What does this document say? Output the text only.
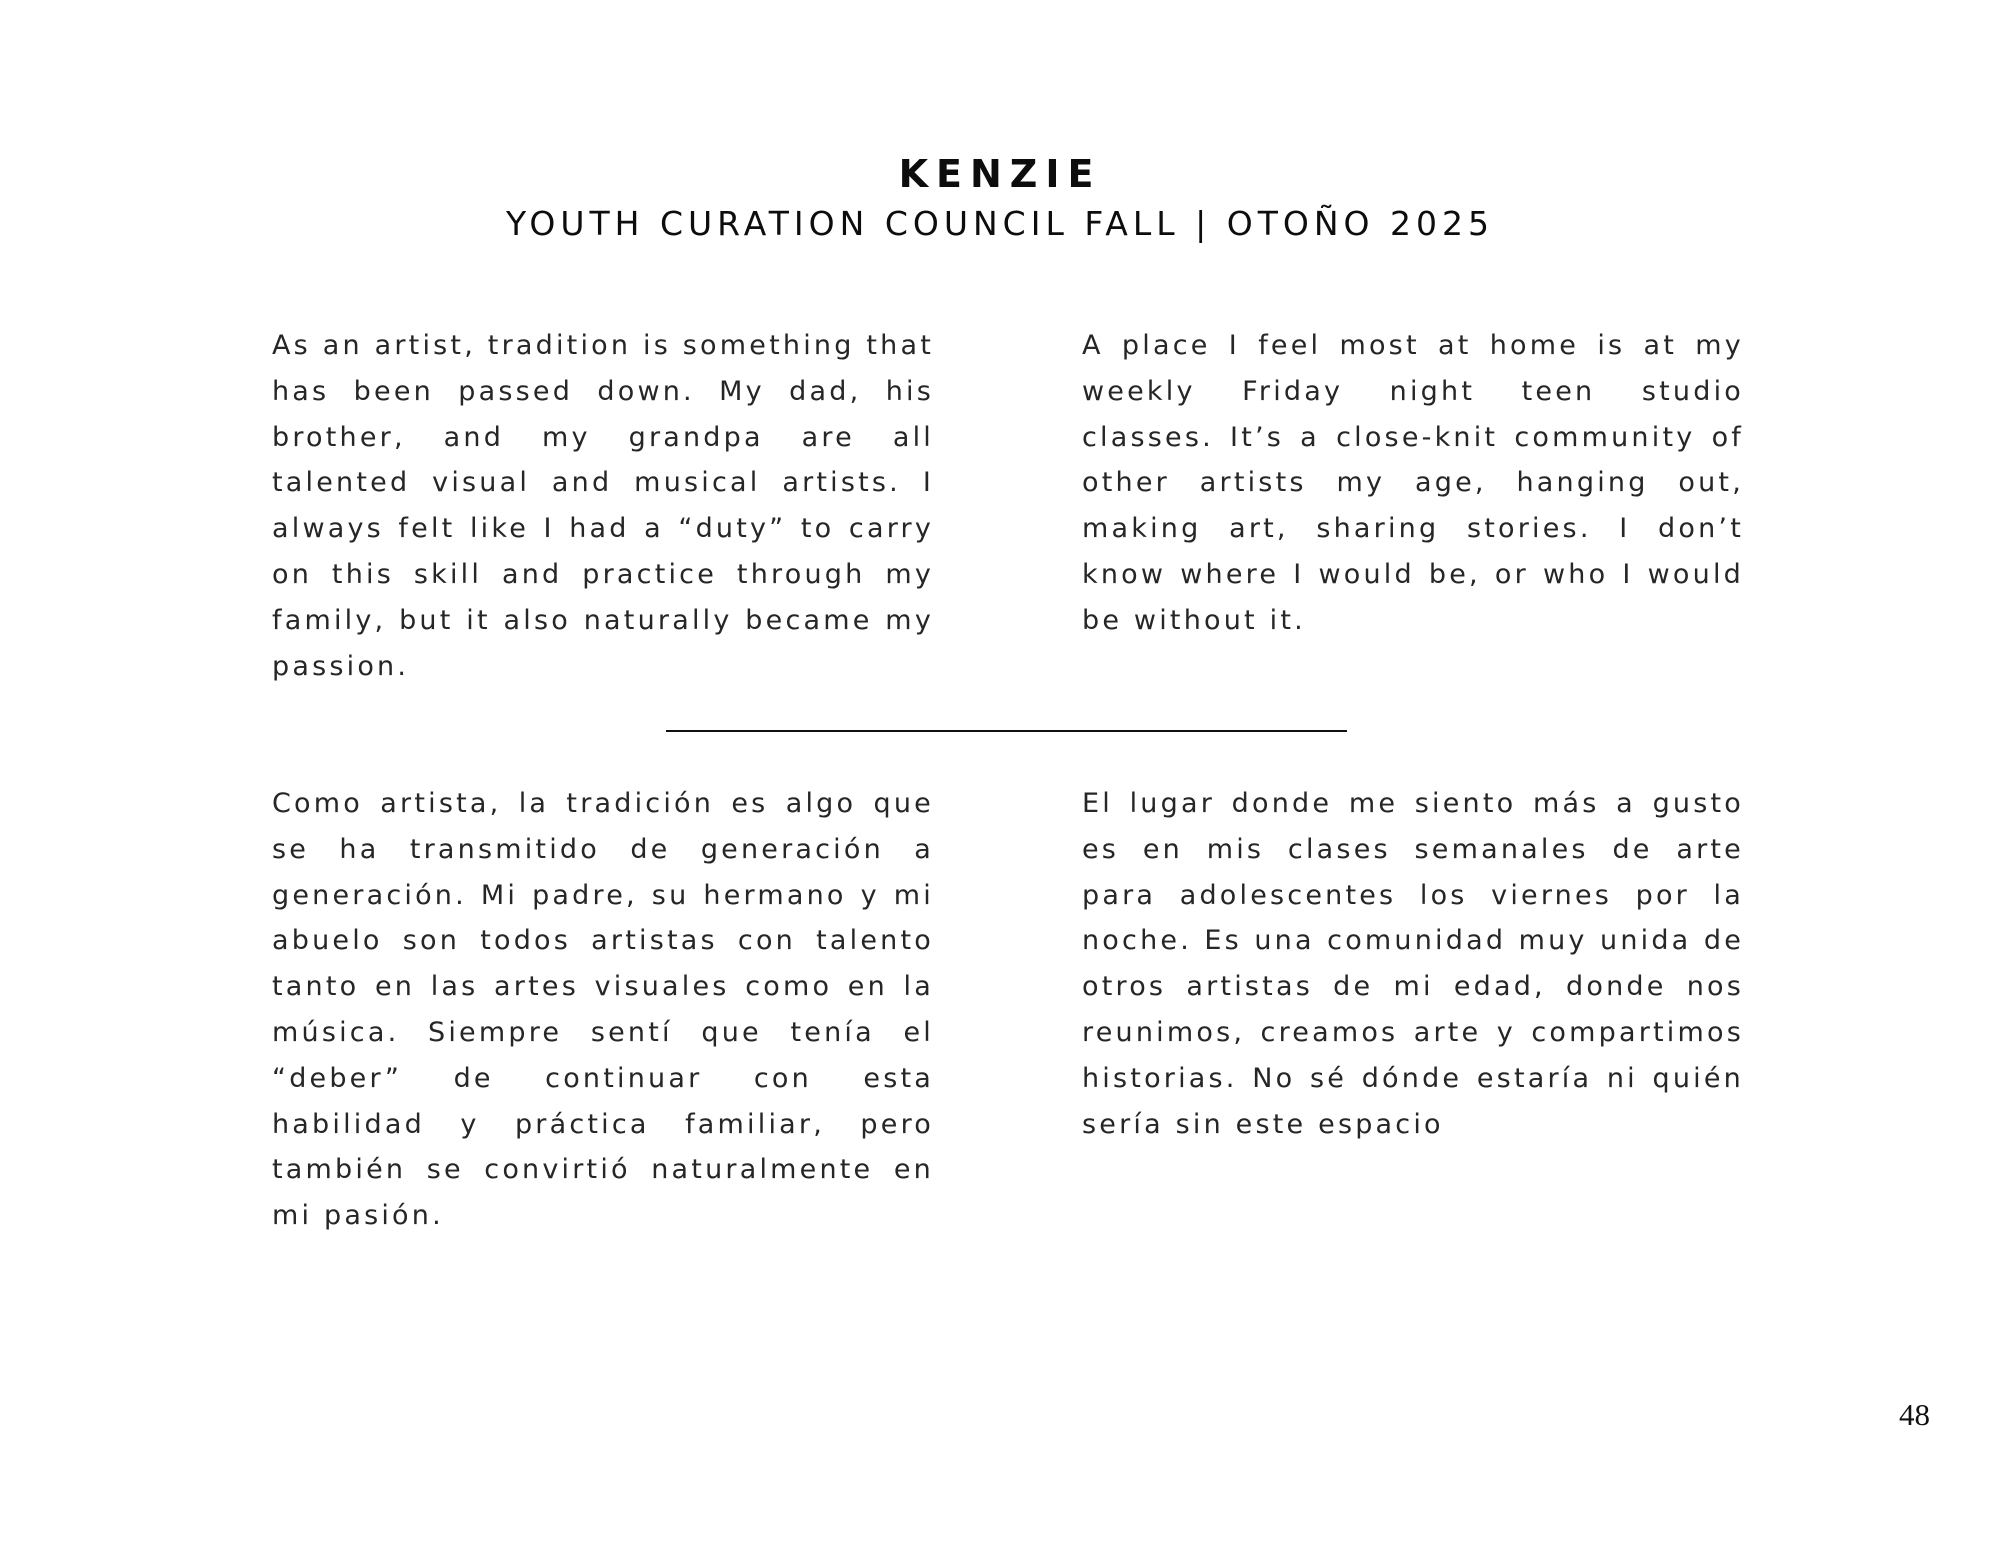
KENZIE
YOUTH CURATION COUNCIL FALL | OTOÑO 2025

As an artist, tradition is something that has been passed down. My dad, his brother, and my grandpa are all talented visual and musical artists. I always felt like I had a “duty” to carry on this skill and practice through my family, but it also naturally became my passion.

A place I feel most at home is at my weekly Friday night teen studio classes. It’s a close-knit community of other artists my age, hanging out, making art, sharing stories. I don’t know where I would be, or who I would be without it.

Como artista, la tradición es algo que se ha transmitido de generación a generación. Mi padre, su hermano y mi abuelo son todos artistas con talento tanto en las artes visuales como en la música. Siempre sentí que tenía el “deber” de continuar con esta habilidad y práctica familiar, pero también se convirtió naturalmente en mi pasión.

El lugar donde me siento más a gusto es en mis clases semanales de arte para adolescentes los viernes por la noche. Es una comunidad muy unida de otros artistas de mi edad, donde nos reunimos, creamos arte y compartimos historias. No sé dónde estaría ni quién sería sin este espacio

48
